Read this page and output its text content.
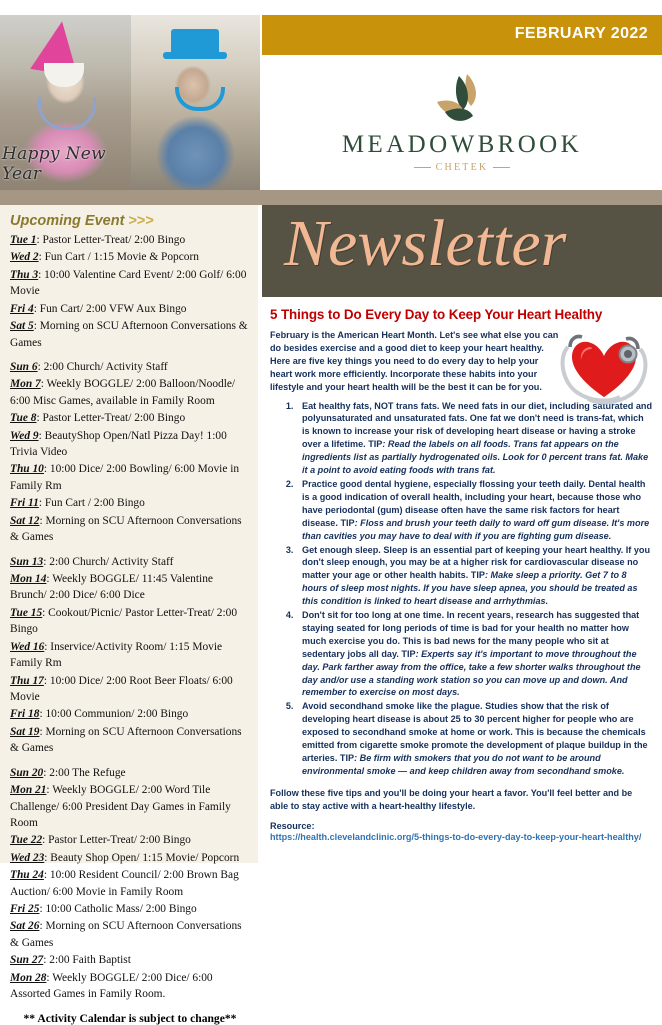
Happy New Year
FEBRUARY 2022
MEADOWBROOK
CHETEK
Upcoming Event >>>
Tue 1: Pastor Letter-Treat/ 2:00 Bingo
Wed 2: Fun Cart / 1:15 Movie & Popcorn
Thu 3: 10:00 Valentine Card Event/ 2:00 Golf/ 6:00 Movie
Fri 4: Fun Cart/ 2:00 VFW Aux Bingo
Sat 5: Morning on SCU Afternoon Conversations & Games
Sun 6: 2:00 Church/ Activity Staff
Mon 7: Weekly BOGGLE/ 2:00 Balloon/Noodle/ 6:00 Misc Games, available in Family Room
Tue 8: Pastor Letter-Treat/ 2:00 Bingo
Wed 9: BeautyShop Open/Natl Pizza Day! 1:00 Trivia Video
Thu 10: 10:00 Dice/ 2:00 Bowling/ 6:00 Movie in Family Rm
Fri 11: Fun Cart / 2:00 Bingo
Sat 12: Morning on SCU Afternoon Conversations & Games
Sun 13: 2:00 Church/ Activity Staff
Mon 14: Weekly BOGGLE/ 11:45 Valentine Brunch/ 2:00 Dice/ 6:00 Dice
Tue 15: Cookout/Picnic/ Pastor Letter-Treat/ 2:00 Bingo
Wed 16: Inservice/Activity Room/ 1:15 Movie Family Rm
Thu 17: 10:00 Dice/ 2:00 Root Beer Floats/ 6:00 Movie
Fri 18: 10:00 Communion/ 2:00 Bingo
Sat 19: Morning on SCU Afternoon Conversations & Games
Sun 20: 2:00 The Refuge
Mon 21: Weekly BOGGLE/ 2:00 Word Tile Challenge/ 6:00 President Day Games in Family Room
Tue 22: Pastor Letter-Treat/ 2:00 Bingo
Wed 23: Beauty Shop Open/ 1:15 Movie/ Popcorn
Thu 24: 10:00 Resident Council/ 2:00 Brown Bag Auction/ 6:00 Movie in Family Room
Fri 25: 10:00 Catholic Mass/ 2:00 Bingo
Sat 26: Morning on SCU Afternoon Conversations & Games
Sun 27: 2:00 Faith Baptist
Mon 28: Weekly BOGGLE/ 2:00 Dice/ 6:00 Assorted Games in Family Room.
** Activity Calendar is subject to change**
Newsletter
5 Things to Do Every Day to Keep Your Heart Healthy
February is the American Heart Month. Let's see what else you can do besides exercise and a good diet to keep your heart healthy. Here are five key things you need to do every day to help your heart work more efficiently. Incorporate these habits into your lifestyle and your heart health will be the best it can be for you.
1. Eat healthy fats, NOT trans fats. We need fats in our diet, including saturated and polyunsaturated and unsaturated fats. One fat we don't need is trans-fat, which is known to increase your risk of developing heart disease or having a stroke over a lifetime. TIP: Read the labels on all foods. Trans fat appears on the ingredients list as partially hydrogenated oils. Look for 0 percent trans fat. Make it a point to avoid eating foods with trans fat.
2. Practice good dental hygiene, especially flossing your teeth daily. Dental health is a good indication of overall health, including your heart, because those who have periodontal (gum) disease often have the same risk factors for heart disease. TIP: Floss and brush your teeth daily to ward off gum disease. It's more than cavities you may have to deal with if you are fighting gum disease.
3. Get enough sleep. Sleep is an essential part of keeping your heart healthy. If you don't sleep enough, you may be at a higher risk for cardiovascular disease no matter your age or other health habits. TIP: Make sleep a priority. Get 7 to 8 hours of sleep most nights. If you have sleep apnea, you should be treated as this condition is linked to heart disease and arrhythmias.
4. Don't sit for too long at one time. In recent years, research has suggested that staying seated for long periods of time is bad for your health no matter how much exercise you do. This is bad news for the many people who sit at sedentary jobs all day. TIP: Experts say it's important to move throughout the day. Park farther away from the office, take a few shorter walks throughout the day and/or use a standing work station so you can move up and down. And remember to exercise on most days.
5. Avoid secondhand smoke like the plague. Studies show that the risk of developing heart disease is about 25 to 30 percent higher for people who are exposed to secondhand smoke at home or work. This is because the chemicals emitted from cigarette smoke promote the development of plaque buildup in the arteries. TIP: Be firm with smokers that you do not want to be around environmental smoke — and keep children away from secondhand smoke.
Follow these five tips and you'll be doing your heart a favor. You'll feel better and be able to stay active with a heart-healthy lifestyle.
Resource:
https://health.clevelandclinic.org/5-things-to-do-every-day-to-keep-your-heart-healthy/
